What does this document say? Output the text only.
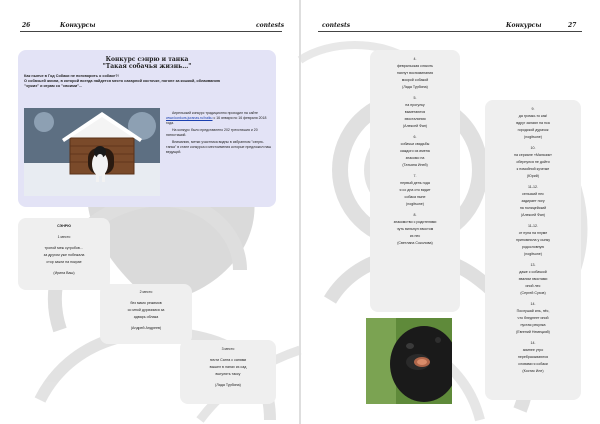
26	Конкурсы	contests
Конкурс сэнрю и танка
"Такая собачья жизнь…"
Как нынче в Год Собаки не поговорить о собаке?!
О собачьей жизни, в которой всегда найдется место сахарной косточке, погоне за кошкой, облаиванию
"чужих" и играм со "своими"...

Апрельский конкурс традиционно проходил на сайте www.konkurs.juranas.ru/haiku с 16 января по 16 февраля 2018 года.

На конкурс было представлено 202 трехстишия и 20 пятистиший.

Вниманию, метки участника видны в избранном "сэнрю-танка" в стане конкурса и местоимения которые предложил наш ведущий.

СЭНРЮ

1 место

тропой меж сугробов…

за другом уже побежала

стор зажги на покрае

(Ирина Ваш)

2 место

без мамо режимов

со мной дурачимся за

адварь облака

(Андрей Андреев)

3 место

почти Санта с санями

вышел в лапах из сад

выгулять таксу

(Лада Турбина)

contests	Конкурсы	27

4.

февральская слякоть

пахнут воспоминания

мокрой собакой

(Лада Турбина)

5.

на прогулку

выметаются

хвосталиния

(Алексей Фан)

6.

собачьи свадьбы

каждого из имена

знакомо на

(Татьяна Иней)

7.

первый день года

я со дна ото видит

собака ныне

(nogitsune)

8.

знакомство с родителями

чуть вильнул хвостом

из пес

(Светлана Соколова)

9.

да громко-то как!

вдруг залаял на пса

городской дурачок

(nogitsune)

10.

на сериале «Мальчик»

обернулся не дойти

к помойной кучечке

(Юрий)

11-12.

сельский пес

задирает ногу

на полицейский

(Алексей Фан)

11-12.

от пуна на плуме

припомнила у сынку

родословную

(nogitsune)

13.

даже с собачкой

хвалим хвостами

иной лес

(Сергей Сухов)

14.

Послушай иль, пёс,

что бледнеет иной

пустая рекулка

(Евгений Немецкий)

14.

зимнее утро

перебрасываются

словами я собаки

(Костик Иле)
